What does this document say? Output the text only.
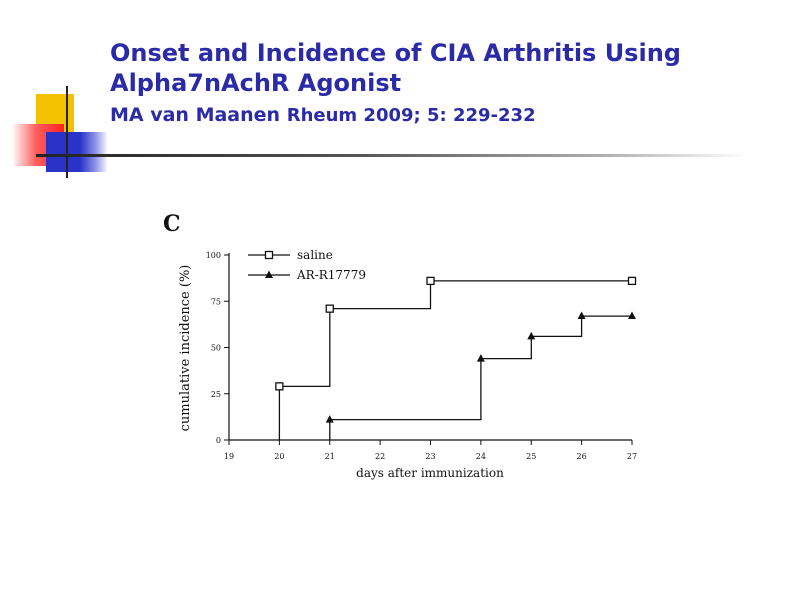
Onset and Incidence of CIA Arthritis Using
Alpha7nAchR Agonist
MA van Maanen Rheum 2009; 5: 229-232
C
cumulative incidence (%)
days after immunization
0
25
50
75
100
19	20	21	22	23	24	25	26	27
saline
AR-R17779
